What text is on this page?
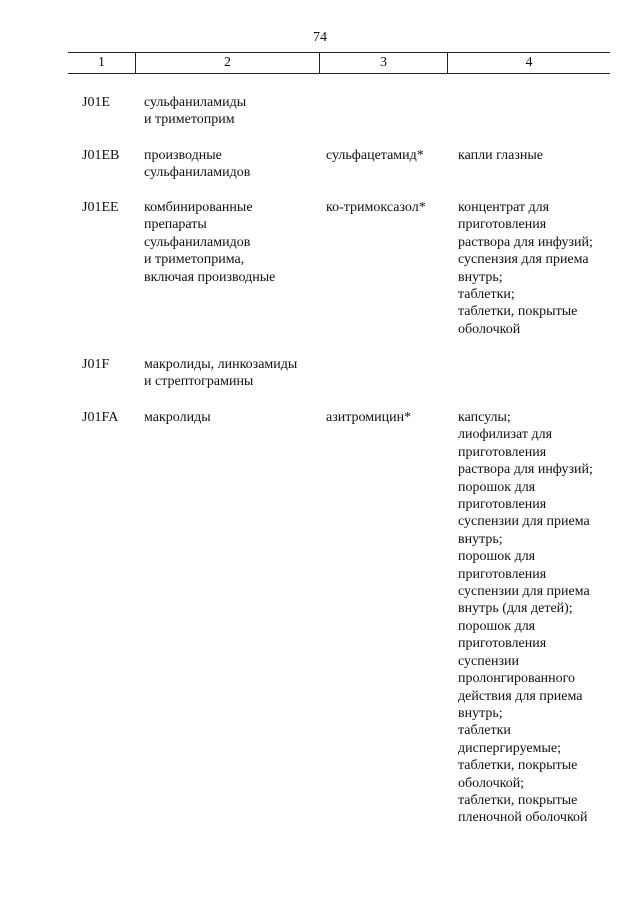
74
1	2	3	4
J01E	сульфаниламиды
и триметоприм
J01EB	производные
сульфаниламидов
сульфацетамид*	капли глазные
J01EE	комбинированные
препараты
сульфаниламидов
и триметоприма,
включая производные
ко-тримоксазол*	концентрат для
приготовления
раствора для инфузий;
суспензия для приема
внутрь;
таблетки;
таблетки, покрытые
оболочкой
J01F	макролиды, линкозамиды
и стрептограмины
J01FA	макролиды	азитромицин*	капсулы;
лиофилизат для
приготовления
раствора для инфузий;
порошок для
приготовления
суспензии для приема
внутрь;
порошок для
приготовления
суспензии для приема
внутрь (для детей);
порошок для
приготовления
суспензии
пролонгированного
действия для приема
внутрь;
таблетки
диспергируемые;
таблетки, покрытые
оболочкой;
таблетки, покрытые
пленочной оболочкой
